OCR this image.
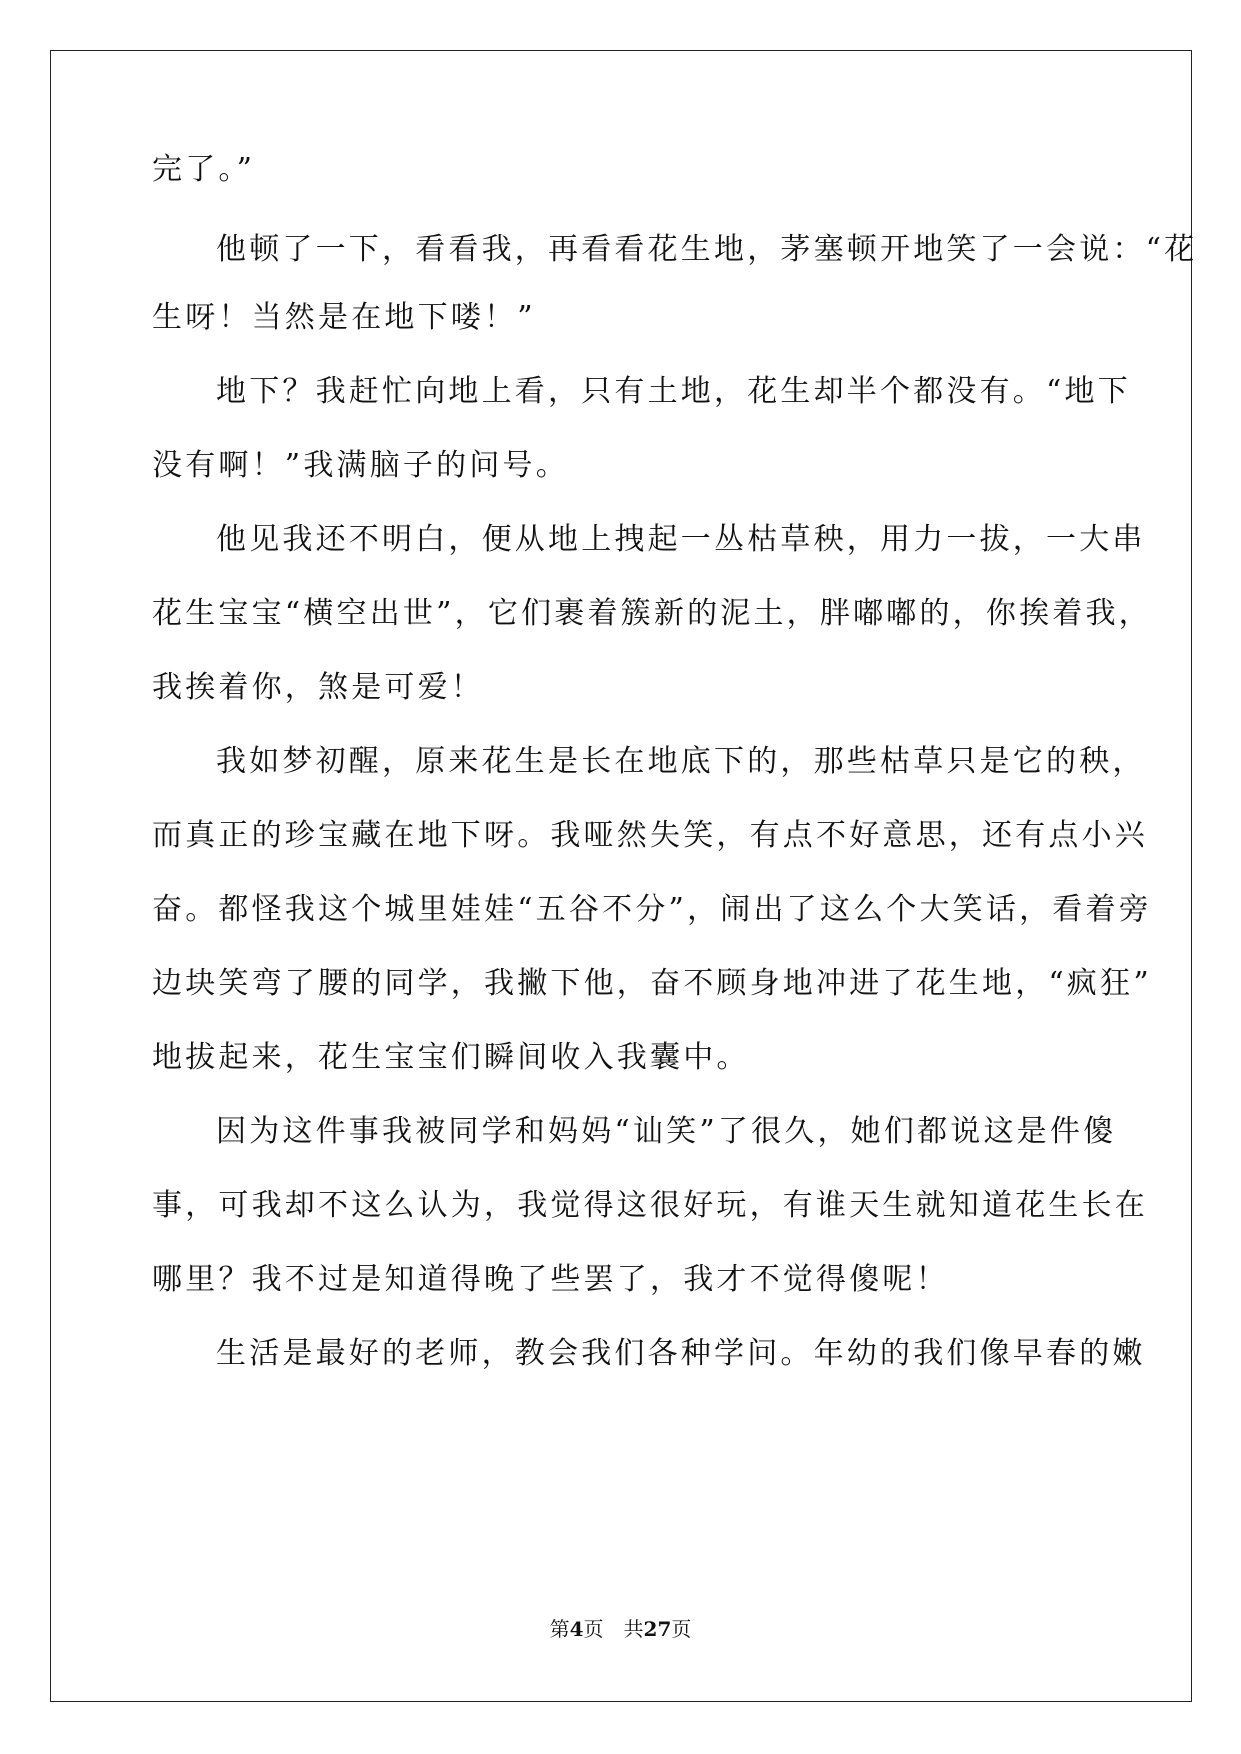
完了。”
他顿了一下，看看我，再看看花生地，茅塞顿开地笑了一会说：“花
生呀！当然是在地下喽！”
地下？我赶忙向地上看，只有土地，花生却半个都没有。“地下
没有啊！”我满脑子的问号。
他见我还不明白，便从地上拽起一丛枯草秧，用力一拔，一大串
花生宝宝“横空出世”，它们裹着簇新的泥土，胖嘟嘟的，你挨着我，
我挨着你，煞是可爱！
我如梦初醒，原来花生是长在地底下的，那些枯草只是它的秧，
而真正的珍宝藏在地下呀。我哑然失笑，有点不好意思，还有点小兴
奋。都怪我这个城里娃娃“五谷不分”，闹出了这么个大笑话，看着旁
边块笑弯了腰的同学，我撇下他，奋不顾身地冲进了花生地，“疯狂”
地拔起来，花生宝宝们瞬间收入我囊中。
因为这件事我被同学和妈妈“讪笑”了很久，她们都说这是件傻
事，可我却不这么认为，我觉得这很好玩，有谁天生就知道花生长在
哪里？我不过是知道得晚了些罢了，我才不觉得傻呢！
生活是最好的老师，教会我们各种学问。年幼的我们像早春的嫩
第4页 共27页
